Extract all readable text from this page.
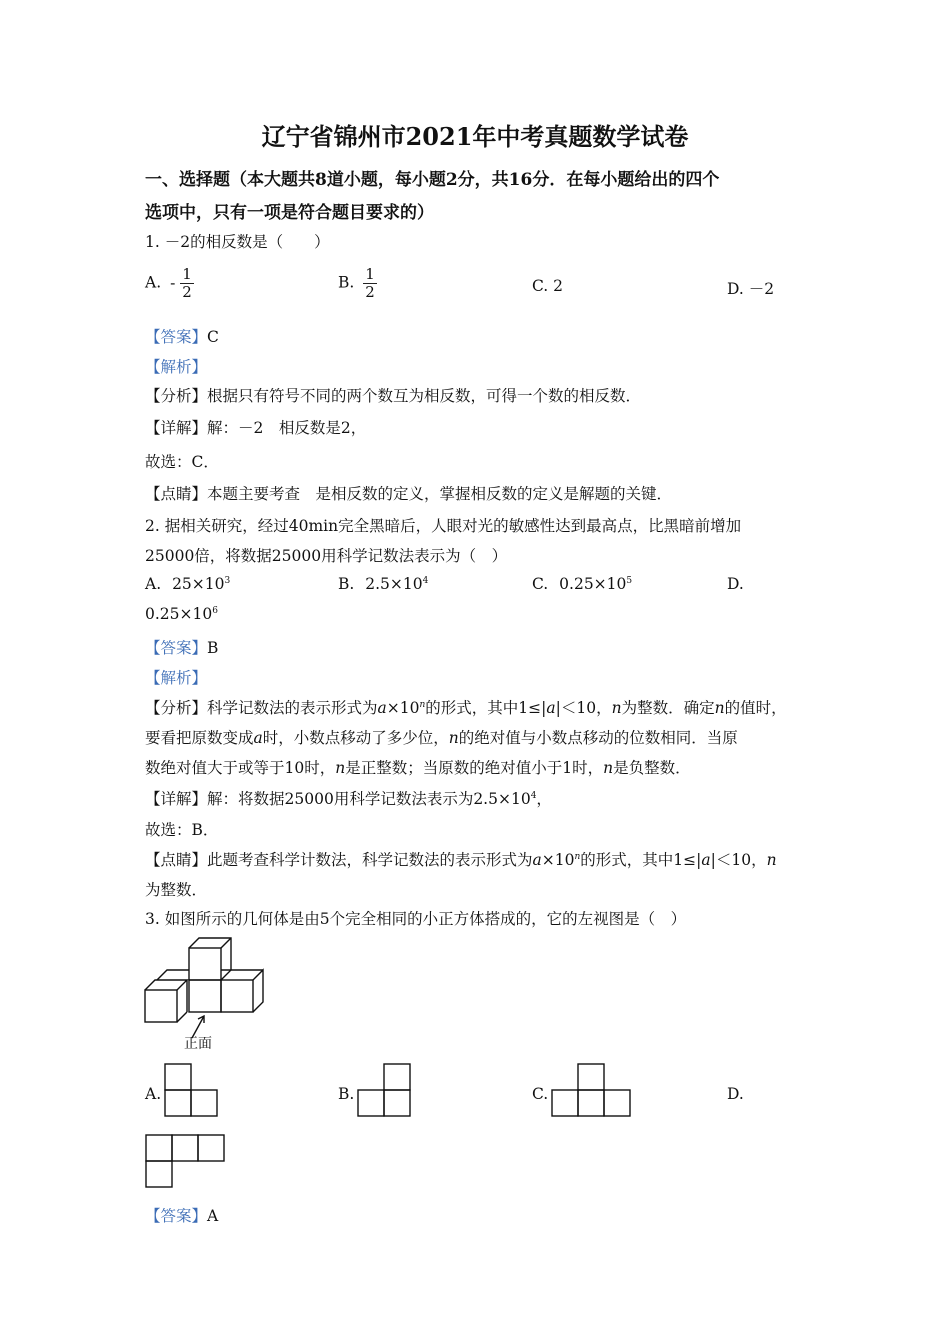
辽宁省锦州市2021年中考真题数学试卷
一、选择题（本大题共8道小题，每小题2分，共16分．在每小题给出的四个
选项中，只有一项是符合题目要求的）
1. －2的相反数是（　　）
A. - $\frac{1}{2}$	B. $\frac{1}{2}$	C. 2	D. －2
【答案】C
【解析】
【分析】根据只有符号不同的两个数互为相反数，可得一个数的相反数．
【详解】解：－2　相反数是2，
故选：C．
【点睛】本题主要考查　是相反数的定义，掌握相反数的定义是解题的关键．
2. 据相关研究，经过40min完全黑暗后，人眼对光的敏感性达到最高点，比黑暗前增加
25000倍，将数据25000用科学记数法表示为（　）
A. $25\times 10^3$	B. $2.5\times 10^4$	C. $0.25\times 10^5$	D.
$0.25\times 10^6$
【答案】B
【解析】
【分析】科学记数法的表示形式为$a\times 10^n$的形式，其中1≤|a|＜10，n为整数．确定n的值时，
要看把原数变成a时，小数点移动了多少位，n的绝对值与小数点移动的位数相同．当原
数绝对值大于或等于10时，n是正整数；当原数的绝对值小于1时，n是负整数．
【详解】解：将数据25000用科学记数法表示为$2.5\times 10^4$，
故选：B．
【点睛】此题考查科学计数法，科学记数法的表示形式为$a\times 10^n$的形式，其中1≤|a|＜10，n
为整数．
3. 如图所示的几何体是由5个完全相同的小正方体搭成的，它的左视图是（　）
正面
A.	B.	C.	D.
【答案】A
